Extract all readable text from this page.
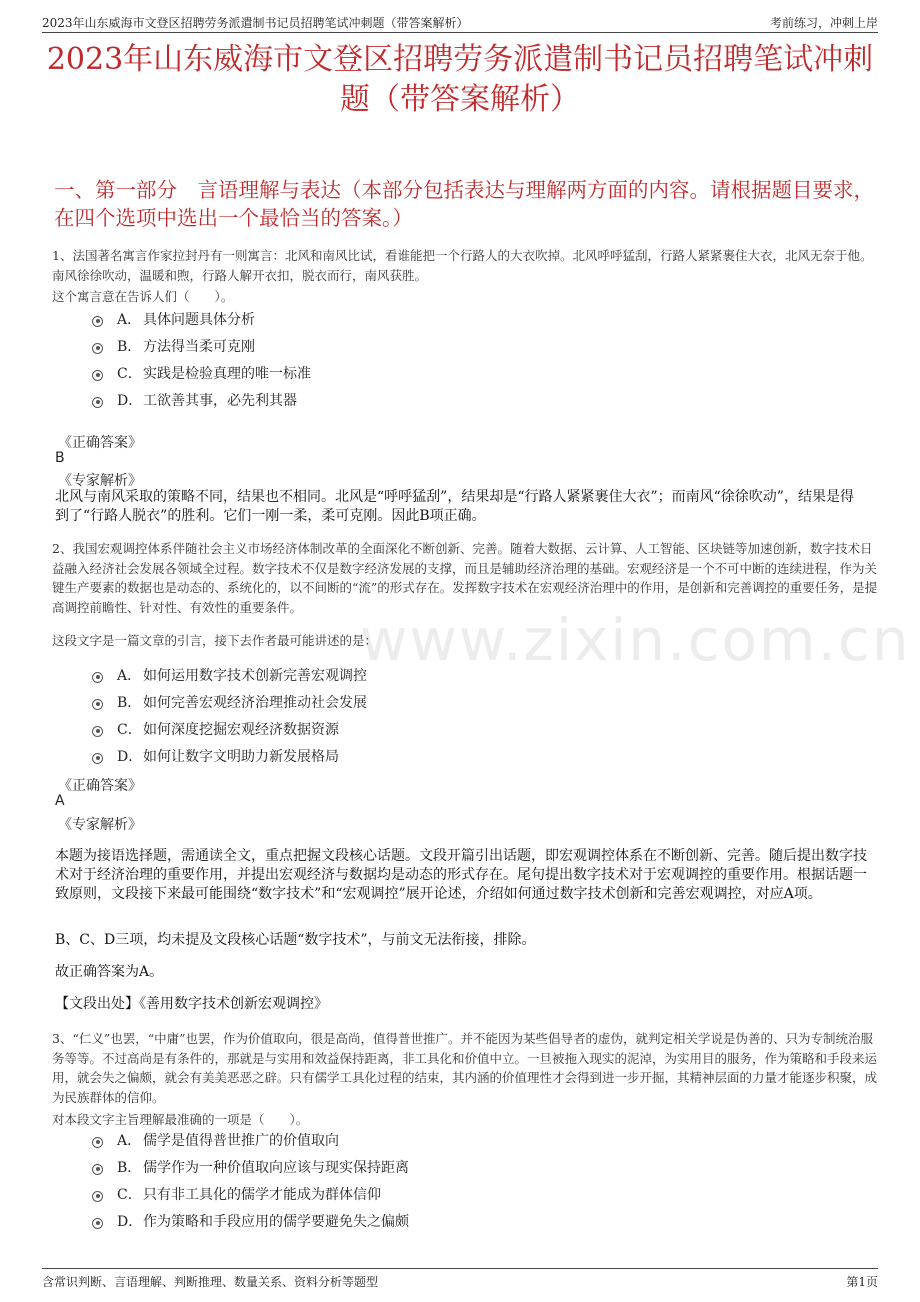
2023年山东威海市文登区招聘劳务派遣制书记员招聘笔试冲刺题（带答案解析）	考前练习，冲刺上岸
www.zixin.com.cn
2023年山东威海市文登区招聘劳务派遣制书记员招聘笔试冲刺题（带答案解析）
一、第一部分　言语理解与表达（本部分包括表达与理解两方面的内容。请根据题目要求，在四个选项中选出一个最恰当的答案。）
1、法国著名寓言作家拉封丹有一则寓言：北风和南风比试，看谁能把一个行路人的大衣吹掉。北风呼呼猛刮，行路人紧紧裹住大衣，北风无奈于他。南风徐徐吹动，温暖和煦，行路人解开衣扣，脱衣而行，南风获胜。
这个寓言意在告诉人们（　　）。
A． 具体问题具体分析
B． 方法得当柔可克刚
C． 实践是检验真理的唯一标准
D． 工欲善其事，必先利其器
《正确答案》
B
《专家解析》
北风与南风采取的策略不同，结果也不相同。北风是“呼呼猛刮”，结果却是“行路人紧紧裹住大衣”；而南风“徐徐吹动”，结果是得到了“行路人脱衣”的胜利。它们一刚一柔，柔可克刚。因此B项正确。
2、我国宏观调控体系伴随社会主义市场经济体制改革的全面深化不断创新、完善。随着大数据、云计算、人工智能、区块链等加速创新，数字技术日益融入经济社会发展各领域全过程。数字技术不仅是数字经济发展的支撑，而且是辅助经济治理的基础。宏观经济是一个不可中断的连续进程，作为关键生产要素的数据也是动态的、系统化的，以不间断的“流”的形式存在。发挥数字技术在宏观经济治理中的作用，是创新和完善调控的重要任务，是提高调控前瞻性、针对性、有效性的重要条件。
这段文字是一篇文章的引言，接下去作者最可能讲述的是：
A． 如何运用数字技术创新完善宏观调控
B． 如何完善宏观经济治理推动社会发展
C． 如何深度挖掘宏观经济数据资源
D． 如何让数字文明助力新发展格局
《正确答案》
A
《专家解析》
本题为接语选择题，需通读全文，重点把握文段核心话题。文段开篇引出话题，即宏观调控体系在不断创新、完善。随后提出数字技术对于经济治理的重要作用，并提出宏观经济与数据均是动态的形式存在。尾句提出数字技术对于宏观调控的重要作用。根据话题一致原则，文段接下来最可能围绕“数字技术”和“宏观调控”展开论述，介绍如何通过数字技术创新和完善宏观调控，对应A项。
B、C、D三项，均未提及文段核心话题“数字技术”，与前文无法衔接，排除。
故正确答案为A。
【文段出处】《善用数字技术创新宏观调控》
3、“仁义”也罢，“中庸”也罢，作为价值取向，很是高尚，值得普世推广。并不能因为某些倡导者的虚伪，就判定相关学说是伪善的、只为专制统治服务等等。不过高尚是有条件的，那就是与实用和效益保持距离，非工具化和价值中立。一旦被拖入现实的泥淖，为实用目的服务，作为策略和手段来运用，就会失之偏颇，就会有美美恶恶之辟。只有儒学工具化过程的结束，其内涵的价值理性才会得到进一步开掘，其精神层面的力量才能逐步积聚，成为民族群体的信仰。
对本段文字主旨理解最准确的一项是（　　）。
A． 儒学是值得普世推广的价值取向
B． 儒学作为一种价值取向应该与现实保持距离
C． 只有非工具化的儒学才能成为群体信仰
D． 作为策略和手段应用的儒学要避免失之偏颇
含常识判断、言语理解、判断推理、数量关系、资料分析等题型	第1页
